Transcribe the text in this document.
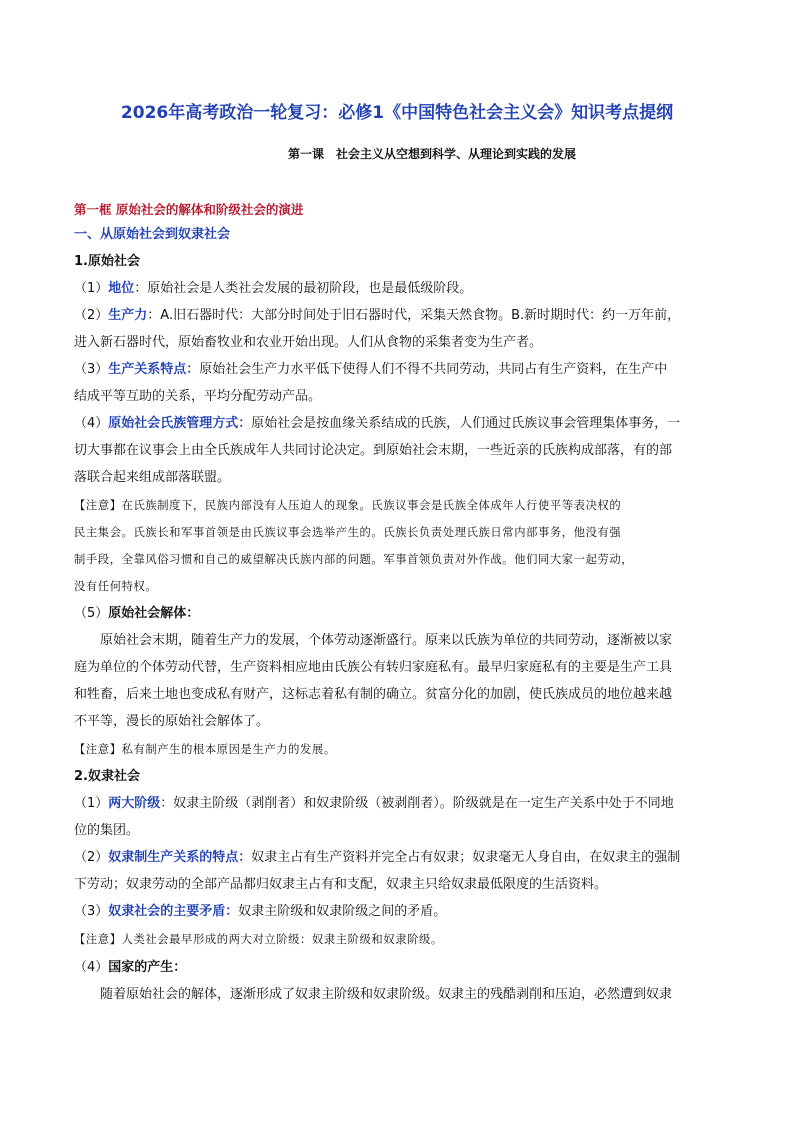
2026年高考政治一轮复习：必修1《中国特色社会主义会》知识考点提纲
第一课　社会主义从空想到科学、从理论到实践的发展
第一框 原始社会的解体和阶级社会的演进
一、从原始社会到奴隶社会
1.原始社会
（1）地位：原始社会是人类社会发展的最初阶段，也是最低级阶段。
（2）生产力：A.旧石器时代：大部分时间处于旧石器时代，采集天然食物。B.新时期时代：约一万年前，
进入新石器时代，原始畜牧业和农业开始出现。人们从食物的采集者变为生产者。
（3）生产关系特点：原始社会生产力水平低下使得人们不得不共同劳动，共同占有生产资料，在生产中
结成平等互助的关系，平均分配劳动产品。
（4）原始社会氏族管理方式：原始社会是按血缘关系结成的氏族，人们通过氏族议事会管理集体事务，一
切大事都在议事会上由全氏族成年人共同讨论决定。到原始社会末期，一些近亲的氏族构成部落，有的部
落联合起来组成部落联盟。
【注意】在氏族制度下，民族内部没有人压迫人的现象。氏族议事会是氏族全体成年人行使平等表决权的
民主集会。氏族长和军事首领是由氏族议事会选举产生的。氏族长负责处理氏族日常内部事务，他没有强
制手段，全靠风俗习惯和自己的威望解决氏族内部的问题。军事首领负责对外作战。他们同大家一起劳动，
没有任何特权。
（5）原始社会解体：
原始社会末期，随着生产力的发展，个体劳动逐渐盛行。原来以氏族为单位的共同劳动，逐渐被以家
庭为单位的个体劳动代替，生产资料相应地由氏族公有转归家庭私有。最早归家庭私有的主要是生产工具
和牲畜，后来土地也变成私有财产，这标志着私有制的确立。贫富分化的加剧，使氏族成员的地位越来越
不平等，漫长的原始社会解体了。
【注意】私有制产生的根本原因是生产力的发展。
2.奴隶社会
（1）两大阶级：奴隶主阶级（剥削者）和奴隶阶级（被剥削者）。阶级就是在一定生产关系中处于不同地
位的集团。
（2）奴隶制生产关系的特点：奴隶主占有生产资料并完全占有奴隶；奴隶毫无人身自由，在奴隶主的强制
下劳动；奴隶劳动的全部产品都归奴隶主占有和支配，奴隶主只给奴隶最低限度的生活资料。
（3）奴隶社会的主要矛盾：奴隶主阶级和奴隶阶级之间的矛盾。
【注意】人类社会最早形成的两大对立阶级：奴隶主阶级和奴隶阶级。
（4）国家的产生：
随着原始社会的解体，逐渐形成了奴隶主阶级和奴隶阶级。奴隶主的残酷剥削和压迫，必然遭到奴隶
